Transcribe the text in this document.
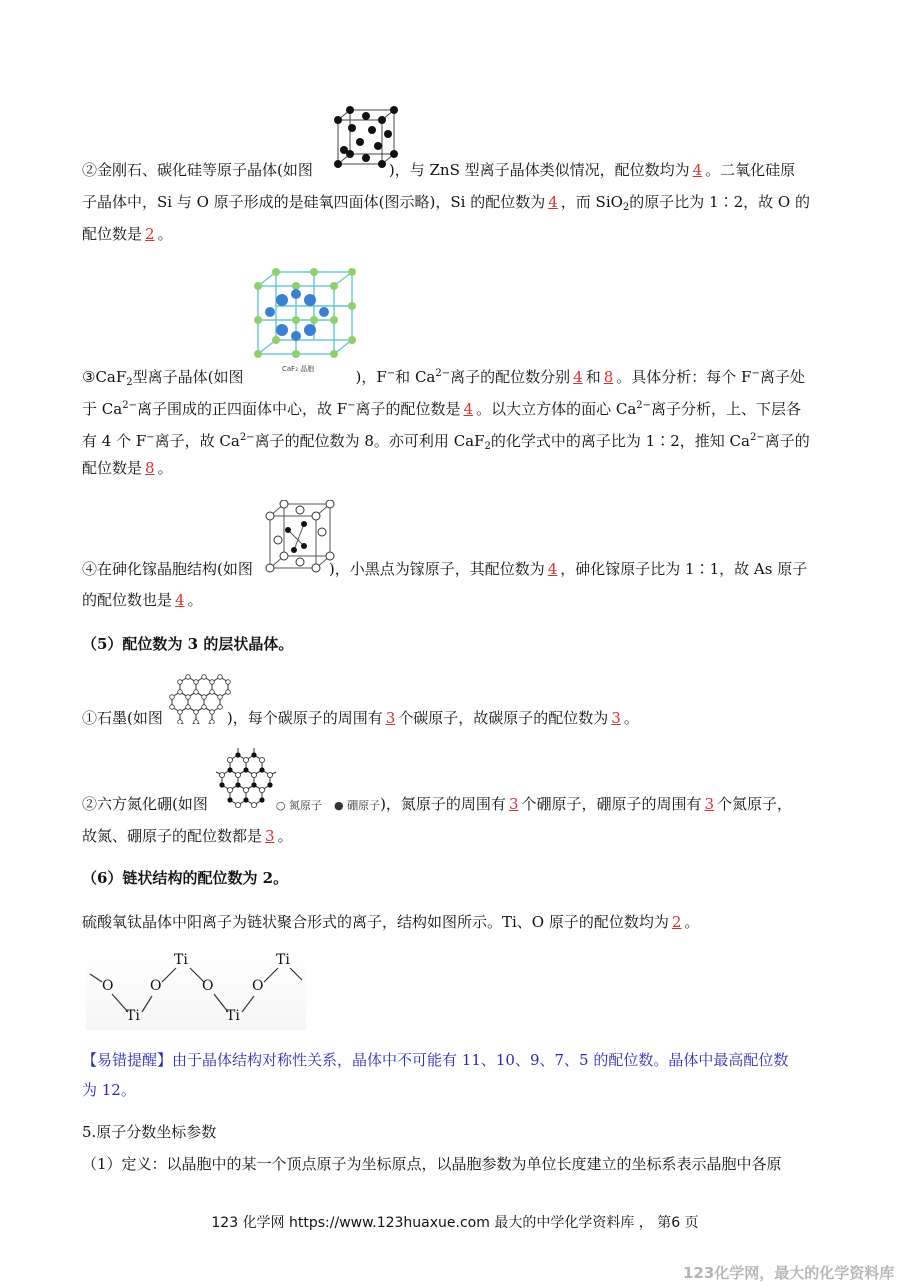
②金刚石、碳化硅等原子晶体(如图	)，与 ZnS 型离子晶体类似情况，配位数均为 4 。二氧化硅原
子晶体中，Si 与 O 原子形成的是硅氧四面体(图示略)，Si 的配位数为 4 ，而 SiO$_2$的原子比为 1∶2，故 O 的
配位数是 2 。
CaF₂ 晶胞
③CaF$_2$型离子晶体(如图	)，F−和 $Ca^{2-}$离子的配位数分别 4 和 8 。具体分析：每个 F−离子处
于 $Ca^{2-}$离子围成的正四面体中心，故 F−离子的配位数是 4 。以大立方体的面心 $Ca^{2-}$离子分析，上、下层各
有 4 个 F−离子，故 $Ca^{2-}$离子的配位数为 8。亦可利用 CaF$_2$的化学式中的离子比为 1∶2，推知 $Ca^{2-}$离子的
配位数是 8 。
④在砷化镓晶胞结构(如图	)，小黑点为镓原子，其配位数为 4 ，砷化镓原子比为 1∶1，故 As 原子
的配位数也是 4 。
（5）配位数为 3 的层状晶体。
①石墨(如图	)，每个碳原子的周围有 3 个碳原子，故碳原子的配位数为 3 。
②六方氮化硼(如图	○ 氮原子 ● 硼原子)，氮原子的周围有 3 个硼原子，硼原子的周围有 3 个氮原子，
故氮、硼原子的配位数都是 3 。
（6）链状结构的配位数为 2。
硫酸氧钛晶体中阳离子为链状聚合形式的离子，结构如图所示。Ti、O 原子的配位数均为 2 。
O
Ti
O
Ti
O
Ti
O
Ti
【易错提醒】由于晶体结构对称性关系，晶体中不可能有 11、10、9、7、5 的配位数。晶体中最高配位数
为 12。
5.原子分数坐标参数
（1）定义：以晶胞中的某一个顶点原子为坐标原点，以晶胞参数为单位长度建立的坐标系表示晶胞中各原
123 化学网 https://www.123huaxue.com 最大的中学化学资料库 ， 第6 页
123化学网，最大的化学资料库
